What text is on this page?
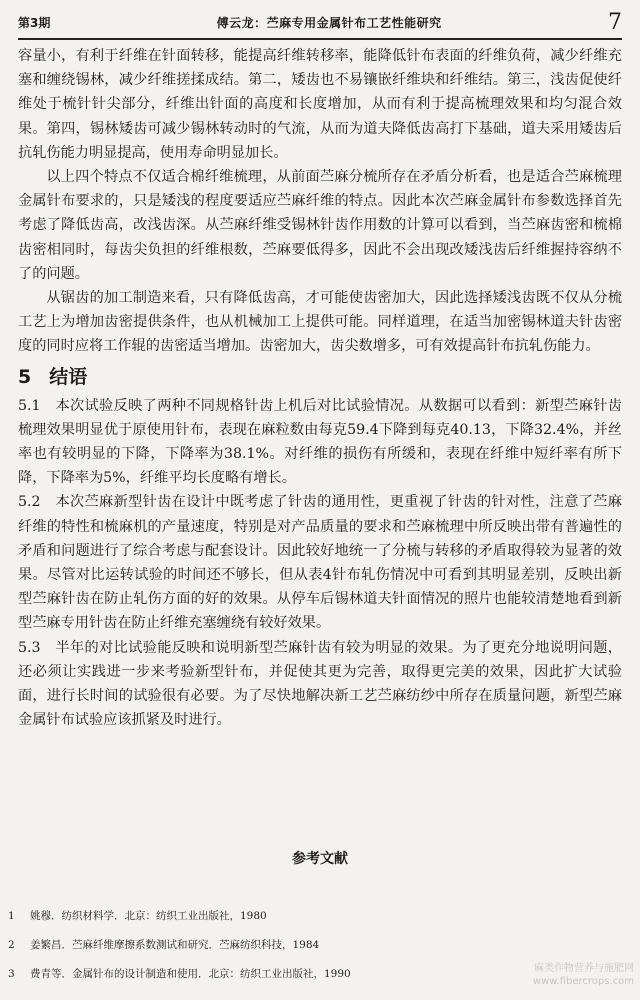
第3期	傅云龙：苎麻专用金属针布工艺性能研究	7

容量小，有利于纤维在针面转移，能提高纤维转移率，能降低针布表面的纤维负荷，减少纤维充塞和缠绕锡林，减少纤维搓揉成结。第二，矮齿也不易镶嵌纤维块和纤维结。第三，浅齿促使纤维处于梳针针尖部分，纤维出针面的高度和长度增加，从而有利于提高梳理效果和均匀混合效果。第四，锡林矮齿可减少锡林转动时的气流，从而为道夫降低齿高打下基础，道夫采用矮齿后抗轧伤能力明显提高，使用寿命明显加长。

以上四个特点不仅适合棉纤维梳理，从前面苎麻分梳所存在矛盾分析看，也是适合苎麻梳理金属针布要求的，只是矮浅的程度要适应苎麻纤维的特点。因此本次苎麻金属针布参数选择首先考虑了降低齿高，改浅齿深。从苎麻纤维受锡林针齿作用数的计算可以看到，当苎麻齿密和梳棉齿密相同时，每齿尖负担的纤维根数，苎麻要低得多，因此不会出现改矮浅齿后纤维握持容纳不了的问题。

从锯齿的加工制造来看，只有降低齿高，才可能使齿密加大，因此选择矮浅齿既不仅从分梳工艺上为增加齿密提供条件，也从机械加工上提供可能。同样道理，在适当加密锡林道夫针齿密度的同时应将工作辊的齿密适当增加。齿密加大，齿尖数增多，可有效提高针布抗轧伤能力。

5 结语

5.1　本次试验反映了两种不同规格针齿上机后对比试验情况。从数据可以看到：新型苎麻针齿梳理效果明显优于原使用针布，表现在麻粒数由每克59.4下降到每克40.13，下降32.4%，并丝率也有较明显的下降，下降率为38.1%。对纤维的损伤有所缓和，表现在纤维中短纤率有所下降，下降率为5%，纤维平均长度略有增长。

5.2　本次苎麻新型针齿在设计中既考虑了针齿的通用性，更重视了针齿的针对性，注意了苎麻纤维的特性和梳麻机的产量速度，特别是对产品质量的要求和苎麻梳理中所反映出带有普遍性的矛盾和问题进行了综合考虑与配套设计。因此较好地统一了分梳与转移的矛盾取得较为显著的效果。尽管对比运转试验的时间还不够长，但从表4针布轧伤情况中可看到其明显差别，反映出新型苎麻针齿在防止轧伤方面的好的效果。从停车后锡林道夫针面情况的照片也能较清楚地看到新型苎麻专用针齿在防止纤维充塞缠绕有较好效果。

5.3　半年的对比试验能反映和说明新型苎麻针齿有较为明显的效果。为了更充分地说明问题，还必须让实践进一步来考验新型针布，并促使其更为完善，取得更完美的效果，因此扩大试验面，进行长时间的试验很有必要。为了尽快地解决新工艺苎麻纺纱中所存在质量问题，新型苎麻金属针布试验应该抓紧及时进行。

参考文献
1 姚穆．纺织材料学．北京：纺织工业出版社，1980
2 姜繁昌．苎麻纤维摩擦系数测试和研究．苎麻纺织科技，1984
3 费青等．金属针布的设计制造和使用．北京：纺织工业出版社，1990	麻类作物营养与施肥网
www.fibercrops.com
